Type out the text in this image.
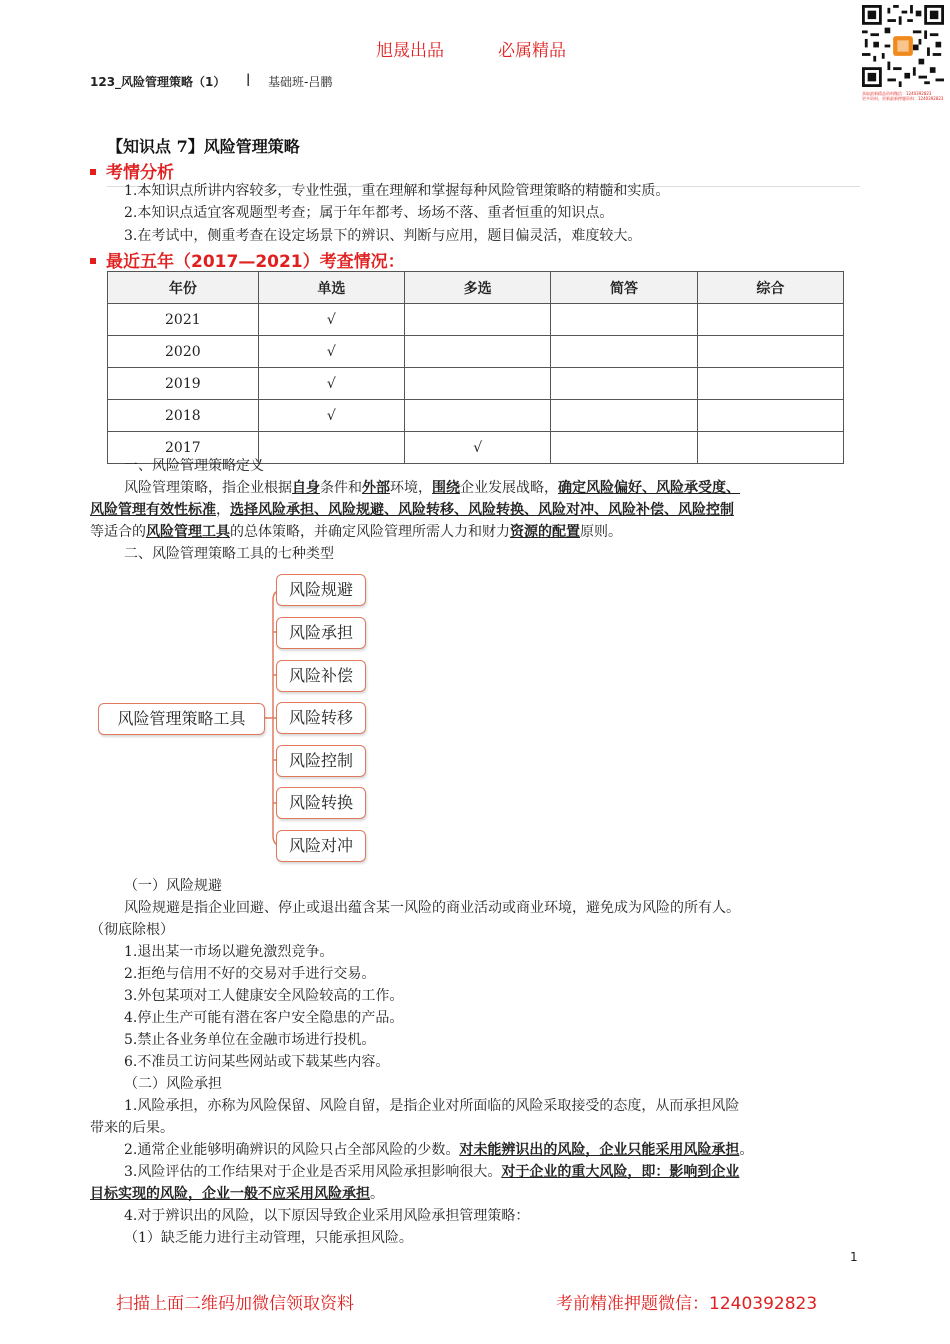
旭晟出品	必属精品
123_风险管理策略（1） | 基础班-吕鹏
获取最新精品资料微信：1240392823
更多资料，更新最新押题资料：1240392823
【知识点 7】风险管理策略
考情分析
1.本知识点所讲内容较多，专业性强，重在理解和掌握每种风险管理策略的精髓和实质。
2.本知识点适宜客观题型考查；属于年年都考、场场不落、重者恒重的知识点。
3.在考试中，侧重考查在设定场景下的辨识、判断与应用，题目偏灵活，难度较大。
最近五年（2017—2021）考查情况：
年份	单选	多选	简答	综合
2021	√			
2020	√			
2019	√			
2018	√			
2017		√		
一、风险管理策略定义
风险管理策略，指企业根据自身条件和外部环境，围绕企业发展战略，确定风险偏好、风险承受度、
风险管理有效性标准，选择风险承担、风险规避、风险转移、风险转换、风险对冲、风险补偿、风险控制
等适合的风险管理工具的总体策略，并确定风险管理所需人力和财力资源的配置原则。
二、风险管理策略工具的七种类型
风险管理策略工具
风险规避
风险承担
风险补偿
风险转移
风险控制
风险转换
风险对冲
（一）风险规避
风险规避是指企业回避、停止或退出蕴含某一风险的商业活动或商业环境，避免成为风险的所有人。
（彻底除根）
1.退出某一市场以避免激烈竞争。
2.拒绝与信用不好的交易对手进行交易。
3.外包某项对工人健康安全风险较高的工作。
4.停止生产可能有潜在客户安全隐患的产品。
5.禁止各业务单位在金融市场进行投机。
6.不准员工访问某些网站或下载某些内容。
（二）风险承担
1.风险承担，亦称为风险保留、风险自留，是指企业对所面临的风险采取接受的态度，从而承担风险
带来的后果。
2.通常企业能够明确辨识的风险只占全部风险的少数。对未能辨识出的风险，企业只能采用风险承担。
3.风险评估的工作结果对于企业是否采用风险承担影响很大。对于企业的重大风险，即：影响到企业
目标实现的风险，企业一般不应采用风险承担。
4.对于辨识出的风险，以下原因导致企业采用风险承担管理策略：
（1）缺乏能力进行主动管理，只能承担风险。
1
扫描上面二维码加微信领取资料	考前精准押题微信：1240392823
